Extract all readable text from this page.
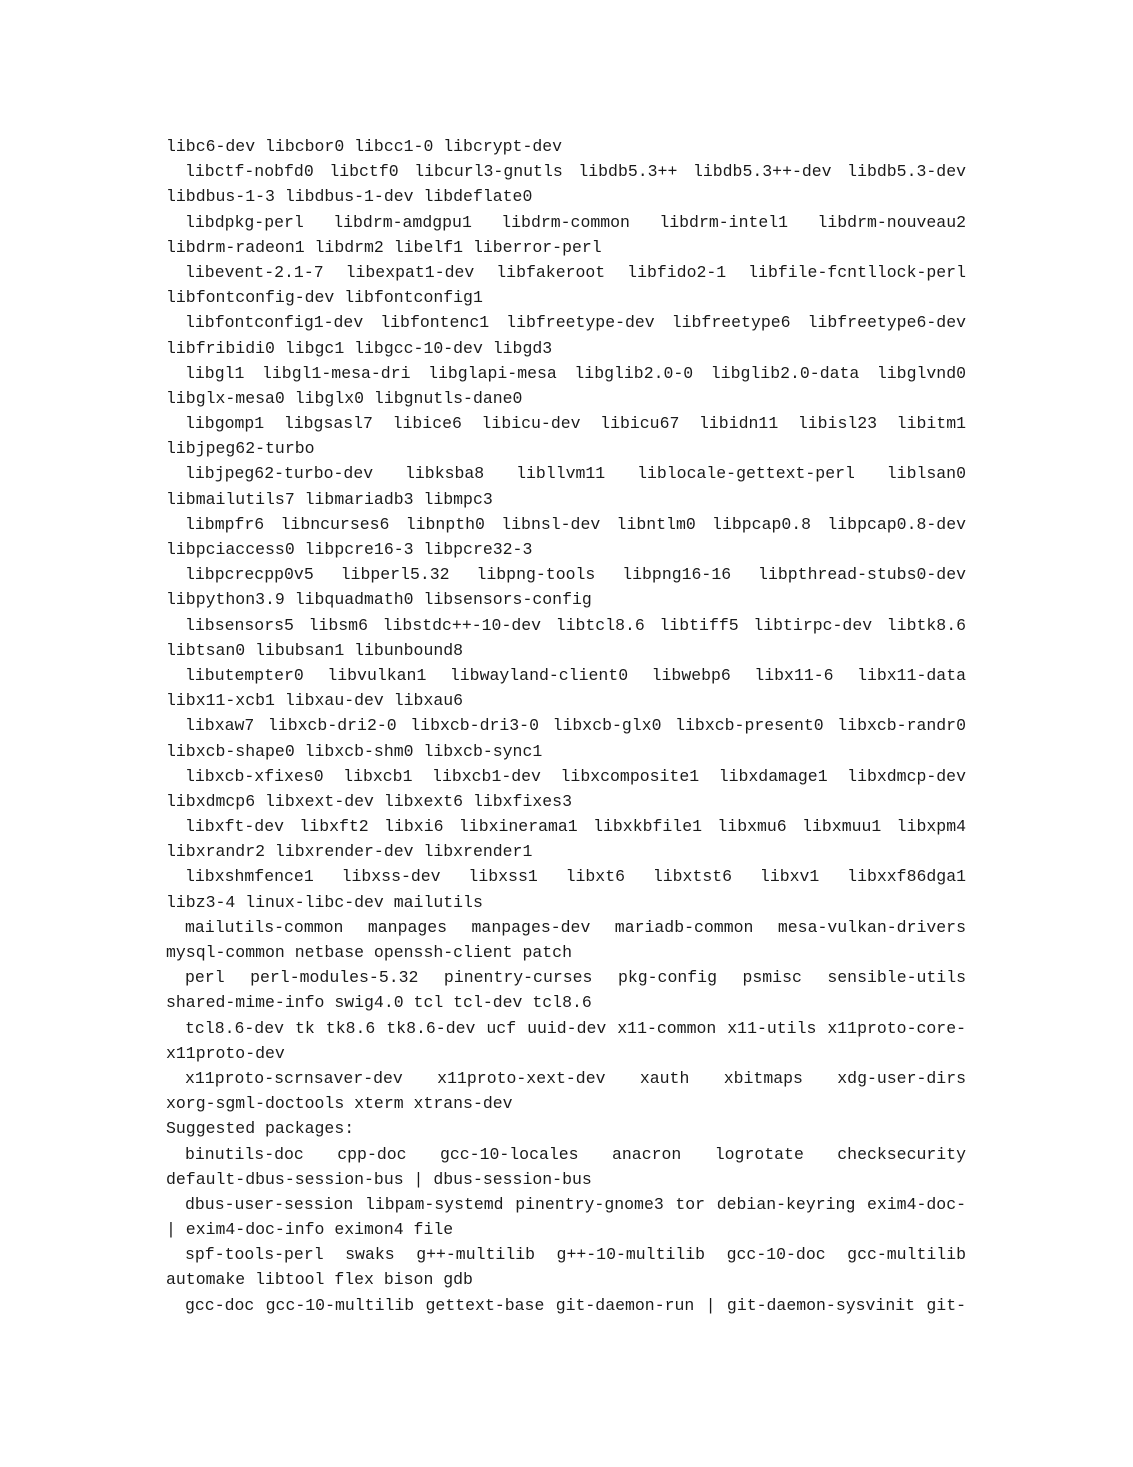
libc6-dev libcbor0 libcc1-0 libcrypt-dev
libctf-nobfd0 libctf0 libcurl3-gnutls libdb5.3++ libdb5.3++-dev libdb5.3-dev
libdbus-1-3 libdbus-1-dev libdeflate0
libdpkg-perl libdrm-amdgpu1 libdrm-common libdrm-intel1 libdrm-nouveau2
libdrm-radeon1 libdrm2 libelf1 liberror-perl
libevent-2.1-7 libexpat1-dev libfakeroot libfido2-1 libfile-fcntllock-perl
libfontconfig-dev libfontconfig1
libfontconfig1-dev libfontenc1 libfreetype-dev libfreetype6 libfreetype6-dev
libfribidi0 libgc1 libgcc-10-dev libgd3
libgl1 libgl1-mesa-dri libglapi-mesa libglib2.0-0 libglib2.0-data libglvnd0
libglx-mesa0 libglx0 libgnutls-dane0
libgomp1 libgsasl7 libice6 libicu-dev libicu67 libidn11 libisl23 libitm1
libjpeg62-turbo
libjpeg62-turbo-dev libksba8 libllvm11 liblocale-gettext-perl liblsan0
libmailutils7 libmariadb3 libmpc3
libmpfr6 libncurses6 libnpth0 libnsl-dev libntlm0 libpcap0.8 libpcap0.8-dev
libpciaccess0 libpcre16-3 libpcre32-3
libpcrecpp0v5 libperl5.32 libpng-tools libpng16-16 libpthread-stubs0-dev
libpython3.9 libquadmath0 libsensors-config
libsensors5 libsm6 libstdc++-10-dev libtcl8.6 libtiff5 libtirpc-dev libtk8.6
libtsan0 libubsan1 libunbound8
libutempter0 libvulkan1 libwayland-client0 libwebp6 libx11-6 libx11-data
libx11-xcb1 libxau-dev libxau6
libxaw7 libxcb-dri2-0 libxcb-dri3-0 libxcb-glx0 libxcb-present0 libxcb-randr0
libxcb-shape0 libxcb-shm0 libxcb-sync1
libxcb-xfixes0 libxcb1 libxcb1-dev libxcomposite1 libxdamage1 libxdmcp-dev
libxdmcp6 libxext-dev libxext6 libxfixes3
libxft-dev libxft2 libxi6 libxinerama1 libxkbfile1 libxmu6 libxmuu1 libxpm4
libxrandr2 libxrender-dev libxrender1
libxshmfence1 libxss-dev libxss1 libxt6 libxtst6 libxv1 libxxf86dga1
libz3-4 linux-libc-dev mailutils
mailutils-common manpages manpages-dev mariadb-common mesa-vulkan-drivers
mysql-common netbase openssh-client patch
perl perl-modules-5.32 pinentry-curses pkg-config psmisc sensible-utils
shared-mime-info swig4.0 tcl tcl-dev tcl8.6
tcl8.6-dev tk tk8.6 tk8.6-dev ucf uuid-dev x11-common x11-utils x11proto-core-
x11proto-dev
x11proto-scrnsaver-dev x11proto-xext-dev xauth xbitmaps xdg-user-dirs
xorg-sgml-doctools xterm xtrans-dev
Suggested packages:
binutils-doc cpp-doc gcc-10-locales anacron logrotate checksecurity
default-dbus-session-bus | dbus-session-bus
dbus-user-session libpam-systemd pinentry-gnome3 tor debian-keyring exim4-doc-
| exim4-doc-info eximon4 file
spf-tools-perl swaks g++-multilib g++-10-multilib gcc-10-doc gcc-multilib
automake libtool flex bison gdb
gcc-doc gcc-10-multilib gettext-base git-daemon-run | git-daemon-sysvinit git-
